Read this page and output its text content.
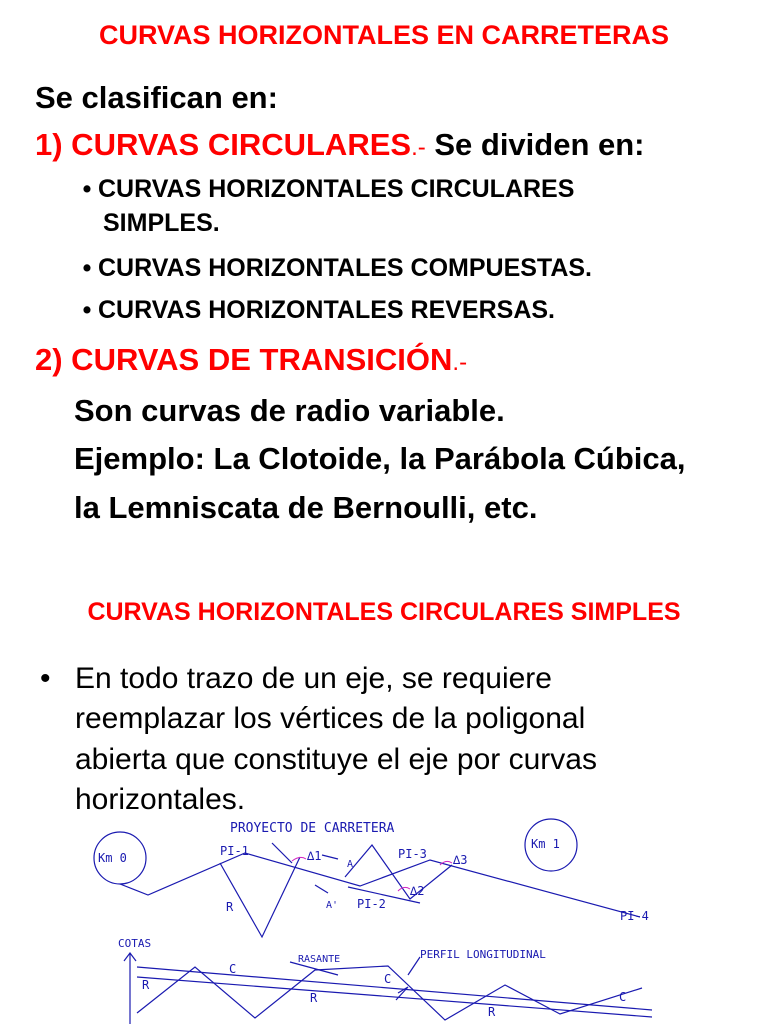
CURVAS HORIZONTALES EN CARRETERAS
Se clasifican en:
1) CURVAS CIRCULARES.- Se dividen en:
• CURVAS HORIZONTALES CIRCULARES
SIMPLES.
• CURVAS HORIZONTALES COMPUESTAS.
• CURVAS HORIZONTALES REVERSAS.
2) CURVAS DE TRANSICIÓN.-
Son curvas de radio variable.
Ejemplo: La Clotoide, la Parábola Cúbica,
la Lemniscata de Bernoulli, etc.
CURVAS HORIZONTALES CIRCULARES SIMPLES
• En todo trazo de un eje, se requiere
reemplazar los vértices de la poligonal
abierta que constituye el eje por curvas
horizontales.
PROYECTO DE CARRETERA
Km 0
Km 1
PI-1	PI-3
PI-2
PI-4
∆1
∆2
∆3
A
A'
R
COTAS
RASANTE	PERFIL LONGITUDINAL
R
C
R
C
R
C
